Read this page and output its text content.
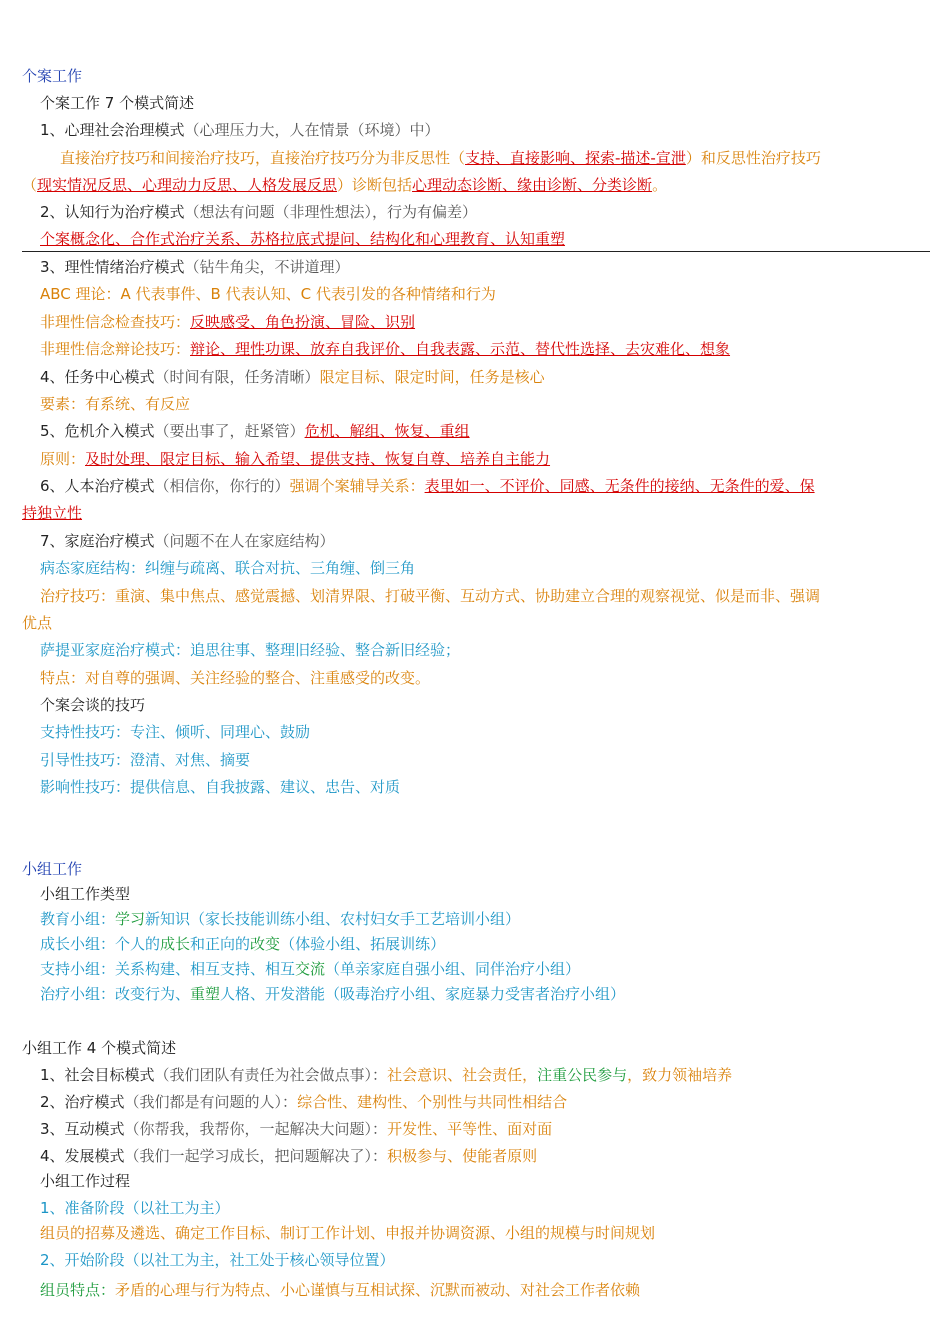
个案工作
个案工作 7 个模式简述
1、心理社会治理模式（心理压力大，人在情景（环境）中）
直接治疗技巧和间接治疗技巧，直接治疗技巧分为非反思性（支持、直接影响、探索-描述-宣泄）和反思性治疗技巧
（现实情况反思、心理动力反思、人格发展反思）诊断包括心理动态诊断、缘由诊断、分类诊断。
2、认知行为治疗模式（想法有问题（非理性想法），行为有偏差）
个案概念化、合作式治疗关系、苏格拉底式提问、结构化和心理教育、认知重塑
3、理性情绪治疗模式（钻牛角尖，不讲道理）
ABC 理论：A 代表事件、B 代表认知、C 代表引发的各种情绪和行为
非理性信念检查技巧：反映感受、角色扮演、冒险、识别
非理性信念辩论技巧：辩论、理性功课、放弃自我评价、自我表露、示范、替代性选择、去灾难化、想象
4、任务中心模式（时间有限，任务清晰）限定目标、限定时间，任务是核心
要素：有系统、有反应
5、危机介入模式（要出事了，赶紧管）危机、解组、恢复、重组
原则：及时处理、限定目标、输入希望、提供支持、恢复自尊、培养自主能力
6、人本治疗模式（相信你，你行的）强调个案辅导关系：表里如一、不评价、同感、无条件的接纳、无条件的爱、保
持独立性
7、家庭治疗模式（问题不在人在家庭结构）
病态家庭结构：纠缠与疏离、联合对抗、三角缠、倒三角
治疗技巧：重演、集中焦点、感觉震撼、划清界限、打破平衡、互动方式、协助建立合理的观察视觉、似是而非、强调
优点
萨提亚家庭治疗模式：追思往事、整理旧经验、整合新旧经验；
特点：对自尊的强调、关注经验的整合、注重感受的改变。
个案会谈的技巧
支持性技巧：专注、倾听、同理心、鼓励
引导性技巧：澄清、对焦、摘要
影响性技巧：提供信息、自我披露、建议、忠告、对质
小组工作
小组工作类型
教育小组：学习新知识（家长技能训练小组、农村妇女手工艺培训小组）
成长小组：个人的成长和正向的改变（体验小组、拓展训练）
支持小组：关系构建、相互支持、相互交流（单亲家庭自强小组、同伴治疗小组）
治疗小组：改变行为、重塑人格、开发潜能（吸毒治疗小组、家庭暴力受害者治疗小组）
小组工作 4 个模式简述
1、社会目标模式（我们团队有责任为社会做点事）：社会意识、社会责任，注重公民参与，致力领袖培养
2、治疗模式（我们都是有问题的人）：综合性、建构性、个别性与共同性相结合
3、互动模式（你帮我，我帮你，一起解决大问题）：开发性、平等性、面对面
4、发展模式（我们一起学习成长，把问题解决了）：积极参与、使能者原则
小组工作过程
1、准备阶段（以社工为主）
组员的招募及遴选、确定工作目标、制订工作计划、申报并协调资源、小组的规模与时间规划
2、开始阶段（以社工为主，社工处于核心领导位置）
组员特点：矛盾的心理与行为特点、小心谨慎与互相试探、沉默而被动、对社会工作者依赖
